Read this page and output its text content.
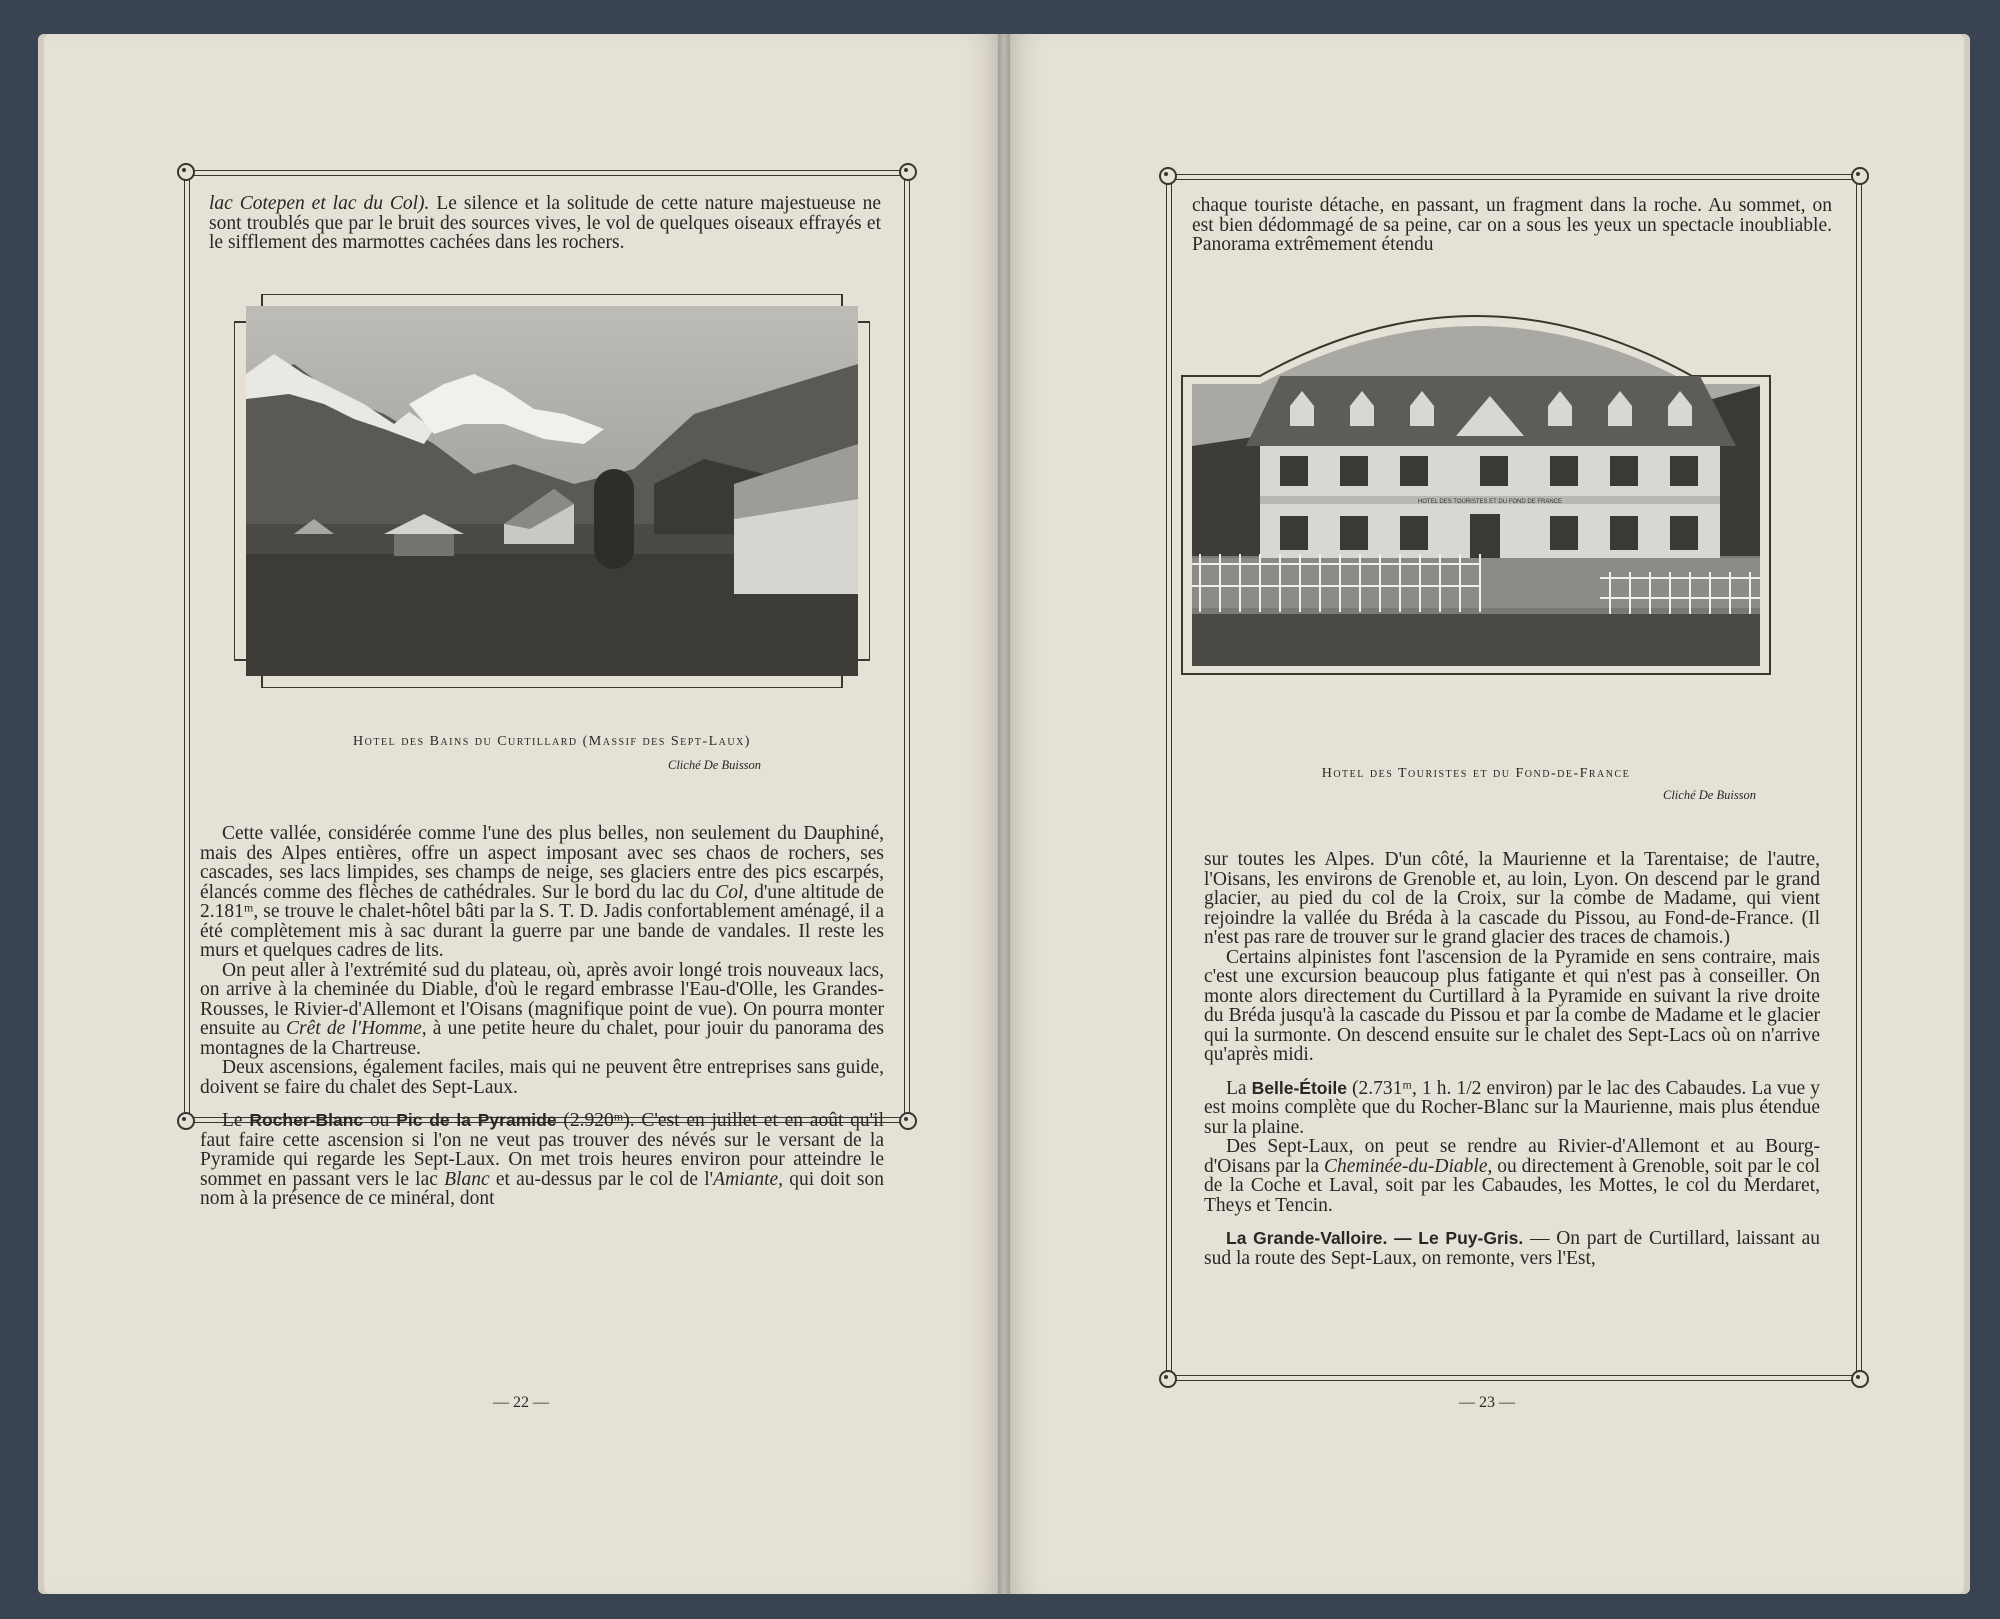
lac Cotepen et lac du Col). Le silence et la solitude de cette nature majestueuse ne sont troublés que par le bruit des sources vives, le vol de quelques oiseaux effrayés et le sifflement des marmottes cachées dans les rochers.

Hotel des Bains du Curtillard (Massif des Sept-Laux)
Cliché De Buisson

Cette vallée, considérée comme l'une des plus belles, non seulement du Dauphiné, mais des Alpes entières, offre un aspect imposant avec ses chaos de rochers, ses cascades, ses lacs limpides, ses champs de neige, ses glaciers entre des pics escarpés, élancés comme des flèches de cathédrales. Sur le bord du lac du Col, d'une altitude de 2.181ᵐ, se trouve le chalet-hôtel bâti par la S. T. D. Jadis confortablement aménagé, il a été complètement mis à sac durant la guerre par une bande de vandales. Il reste les murs et quelques cadres de lits.

On peut aller à l'extrémité sud du plateau, où, après avoir longé trois nouveaux lacs, on arrive à la cheminée du Diable, d'où le regard embrasse l'Eau-d'Olle, les Grandes-Rousses, le Rivier-d'Allemont et l'Oisans (magnifique point de vue). On pourra monter ensuite au Crêt de l'Homme, à une petite heure du chalet, pour jouir du panorama des montagnes de la Chartreuse.

Deux ascensions, également faciles, mais qui ne peuvent être entreprises sans guide, doivent se faire du chalet des Sept-Laux.

Le Rocher-Blanc ou Pic de la Pyramide (2.920ᵐ). C'est en juillet et en août qu'il faut faire cette ascension si l'on ne veut pas trouver des névés sur le versant de la Pyramide qui regarde les Sept-Laux. On met trois heures environ pour atteindre le sommet en passant vers le lac Blanc et au-dessus par le col de l'Amiante, qui doit son nom à la présence de ce minéral, dont

— 22 —

chaque touriste détache, en passant, un fragment dans la roche. Au sommet, on est bien dédommagé de sa peine, car on a sous les yeux un spectacle inoubliable. Panorama extrêmement étendu

HOTEL DES TOURISTES ET DU FOND DE FRANCE
Hotel des Touristes et du Fond-de-France
Cliché De Buisson

sur toutes les Alpes. D'un côté, la Maurienne et la Tarentaise; de l'autre, l'Oisans, les environs de Grenoble et, au loin, Lyon. On descend par le grand glacier, au pied du col de la Croix, sur la combe de Madame, qui vient rejoindre la vallée du Bréda à la cascade du Pissou, au Fond-de-France. (Il n'est pas rare de trouver sur le grand glacier des traces de chamois.)

Certains alpinistes font l'ascension de la Pyramide en sens contraire, mais c'est une excursion beaucoup plus fatigante et qui n'est pas à conseiller. On monte alors directement du Curtillard à la Pyramide en suivant la rive droite du Bréda jusqu'à la cascade du Pissou et par la combe de Madame et le glacier qui la surmonte. On descend ensuite sur le chalet des Sept-Lacs où on n'arrive qu'après midi.

La Belle-Étoile (2.731ᵐ, 1 h. 1/2 environ) par le lac des Cabaudes. La vue y est moins complète que du Rocher-Blanc sur la Maurienne, mais plus étendue sur la plaine.

Des Sept-Laux, on peut se rendre au Rivier-d'Allemont et au Bourg-d'Oisans par la Cheminée-du-Diable, ou directement à Grenoble, soit par le col de la Coche et Laval, soit par les Cabaudes, les Mottes, le col du Merdaret, Theys et Tencin.

La Grande-Valloire. — Le Puy-Gris. — On part de Curtillard, laissant au sud la route des Sept-Laux, on remonte, vers l'Est,

— 23 —
